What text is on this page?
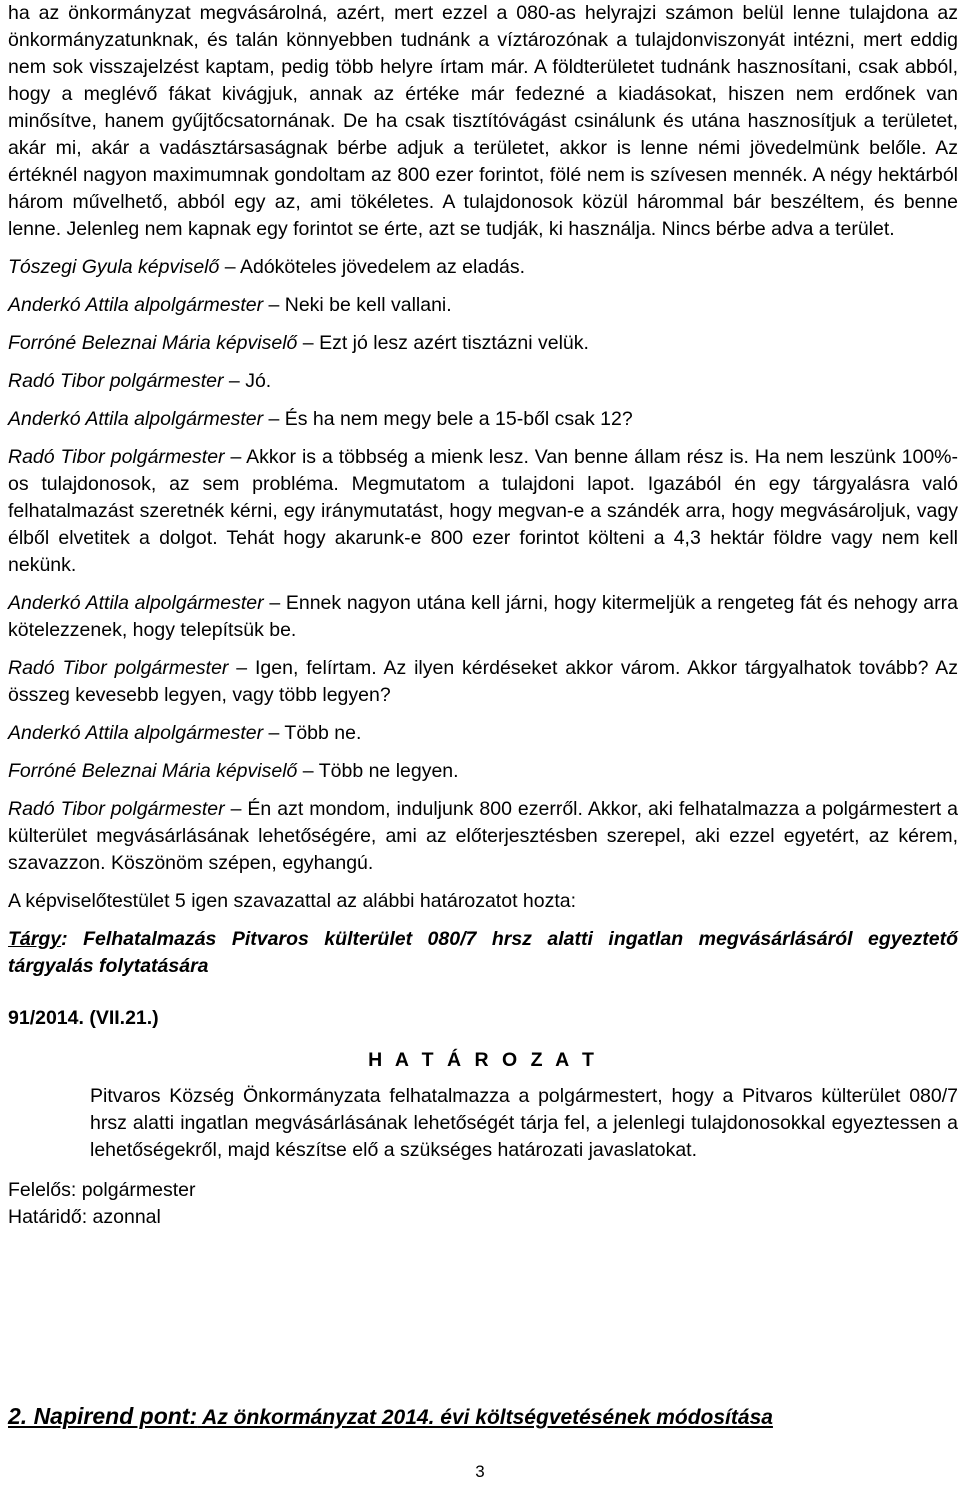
ha az önkormányzat megvásárolná, azért, mert ezzel a 080-as helyrajzi számon belül lenne tulajdona az önkormányzatunknak, és talán könnyebben tudnánk a víztározónak a tulajdonviszonyát intézni, mert eddig nem sok visszajelzést kaptam, pedig több helyre írtam már. A földterületet tudnánk hasznosítani, csak abból, hogy a meglévő fákat kivágjuk, annak az értéke már fedezné a kiadásokat, hiszen nem erdőnek van minősítve, hanem gyűjtőcsatornának. De ha csak tisztítóvágást csinálunk és utána hasznosítjuk a területet, akár mi, akár a vadásztársaságnak bérbe adjuk a területet, akkor is lenne némi jövedelmünk belőle. Az értéknél nagyon maximumnak gondoltam az 800 ezer forintot, fölé nem is szívesen mennék. A négy hektárból három művelhető, abból egy az, ami tökéletes. A tulajdonosok közül hárommal bár beszéltem, és benne lenne. Jelenleg nem kapnak egy forintot se érte, azt se tudják, ki használja. Nincs bérbe adva a terület.

Tószegi Gyula képviselő – Adóköteles jövedelem az eladás.

Anderkó Attila alpolgármester – Neki be kell vallani.

Forróné Beleznai Mária képviselő – Ezt jó lesz azért tisztázni velük.

Radó Tibor polgármester – Jó.

Anderkó Attila alpolgármester – És ha nem megy bele a 15-ből csak 12?

Radó Tibor polgármester – Akkor is a többség a mienk lesz. Van benne állam rész is. Ha nem leszünk 100%-os tulajdonosok, az sem probléma. Megmutatom a tulajdoni lapot. Igazából én egy tárgyalásra való felhatalmazást szeretnék kérni, egy iránymutatást, hogy megvan-e a szándék arra, hogy megvásároljuk, vagy élből elvetitek a dolgot. Tehát hogy akarunk-e 800 ezer forintot költeni a 4,3 hektár földre vagy nem kell nekünk.

Anderkó Attila alpolgármester – Ennek nagyon utána kell járni, hogy kitermeljük a rengeteg fát és nehogy arra kötelezzenek, hogy telepítsük be.

Radó Tibor polgármester – Igen, felírtam. Az ilyen kérdéseket akkor várom. Akkor tárgyalhatok tovább? Az összeg kevesebb legyen, vagy több legyen?

Anderkó Attila alpolgármester – Több ne.

Forróné Beleznai Mária képviselő – Több ne legyen.

Radó Tibor polgármester – Én azt mondom, induljunk 800 ezerről. Akkor, aki felhatalmazza a polgármestert a külterület megvásárlásának lehetőségére, ami az előterjesztésben szerepel, aki ezzel egyetért, az kérem, szavazzon. Köszönöm szépen, egyhangú.

A képviselőtestület 5 igen szavazattal az alábbi határozatot hozta:

Tárgy: Felhatalmazás Pitvaros külterület 080/7 hrsz alatti ingatlan megvásárlásáról egyeztető tárgyalás folytatására

91/2014. (VII.21.)

H A T Á R O Z A T

Pitvaros Község Önkormányzata felhatalmazza a polgármestert, hogy a Pitvaros külterület 080/7 hrsz alatti ingatlan megvásárlásának lehetőségét tárja fel, a jelenlegi tulajdonosokkal egyeztessen a lehetőségekről, majd készítse elő a szükséges határozati javaslatokat.

Felelős: polgármester

Határidő: azonnal

2. Napirend pont: Az önkormányzat 2014. évi költségvetésének módosítása

3
